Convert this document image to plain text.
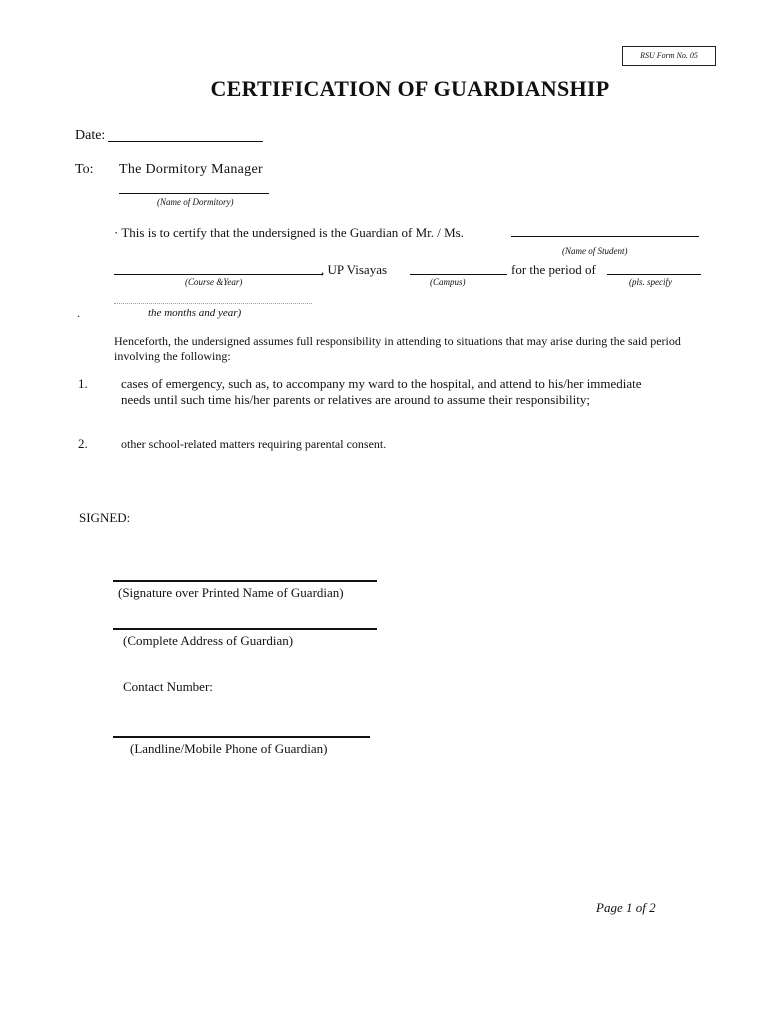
RSU Form No. 05
CERTIFICATION OF GUARDIANSHIP
Date:
To: The Dormitory Manager
(Name of Dormitory)
· This is to certify that the undersigned is the Guardian of Mr. / Ms.
(Name of Student)
, UP Visayas	for the period of
(Course &Year)	(Campus)	(pls. specify
.	the months and year)
Henceforth, the undersigned assumes full responsibility in attending to situations that may arise during the said period involving the following:
1.	cases of emergency, such as, to accompany my ward to the hospital, and attend to his/her immediate needs until such time his/her parents or relatives are around to assume their responsibility;
2.	other school-related matters requiring parental consent.
SIGNED:
(Signature over Printed Name of Guardian)
(Complete Address of Guardian)
Contact Number:
(Landline/Mobile Phone of Guardian)
Page 1 of 2
